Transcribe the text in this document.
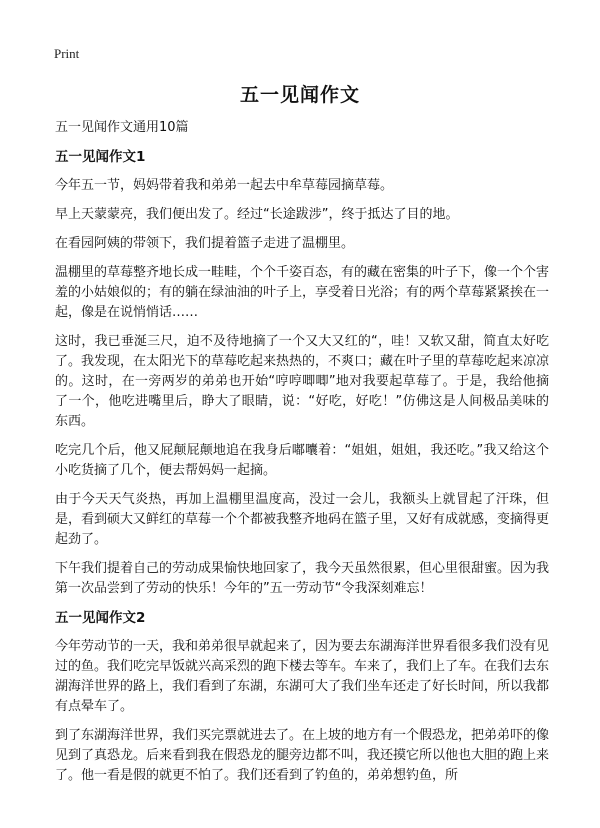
Print
五一见闻作文

五一见闻作文通用10篇

五一见闻作文1

今年五一节，妈妈带着我和弟弟一起去中牟草莓园摘草莓。

早上天蒙蒙亮，我们便出发了。经过“长途跋涉”，终于抵达了目的地。

在看园阿姨的带领下，我们提着篮子走进了温棚里。

温棚里的草莓整齐地长成一畦畦，个个千姿百态，有的藏在密集的叶子下，像一个个害羞的小姑娘似的；有的躺在绿油油的叶子上，享受着日光浴；有的两个草莓紧紧挨在一起，像是在说悄悄话……

这时，我已垂涎三尺，迫不及待地摘了一个又大又红的“，哇！又软又甜，简直太好吃了。我发现，在太阳光下的草莓吃起来热热的，不爽口；藏在叶子里的草莓吃起来凉凉的。这时，在一旁两岁的弟弟也开始“哼哼唧唧”地对我要起草莓了。于是，我给他摘了一个，他吃进嘴里后，睁大了眼睛，说：“好吃，好吃！”仿佛这是人间极品美味的东西。

吃完几个后，他又屁颠屁颠地追在我身后嘟囔着：“姐姐，姐姐，我还吃。”我又给这个小吃货摘了几个，便去帮妈妈一起摘。

由于今天天气炎热，再加上温棚里温度高，没过一会儿，我额头上就冒起了汗珠，但是，看到硕大又鲜红的草莓一个个都被我整齐地码在篮子里，又好有成就感，变摘得更起劲了。

下午我们提着自己的劳动成果愉快地回家了，我今天虽然很累，但心里很甜蜜。因为我第一次品尝到了劳动的快乐！今年的”五一劳动节“令我深刻难忘！

五一见闻作文2

今年劳动节的一天，我和弟弟很早就起来了，因为要去东湖海洋世界看很多我们没有见过的鱼。我们吃完早饭就兴高采烈的跑下楼去等车。车来了，我们上了车。在我们去东湖海洋世界的路上，我们看到了东湖，东湖可大了我们坐车还走了好长时间，所以我都有点晕车了。

到了东湖海洋世界，我们买完票就进去了。在上坡的地方有一个假恐龙，把弟弟吓的像见到了真恐龙。后来看到我在假恐龙的腿旁边都不叫，我还摸它所以他也大胆的跑上来了。他一看是假的就更不怕了。我们还看到了钓鱼的，弟弟想钓鱼，所
